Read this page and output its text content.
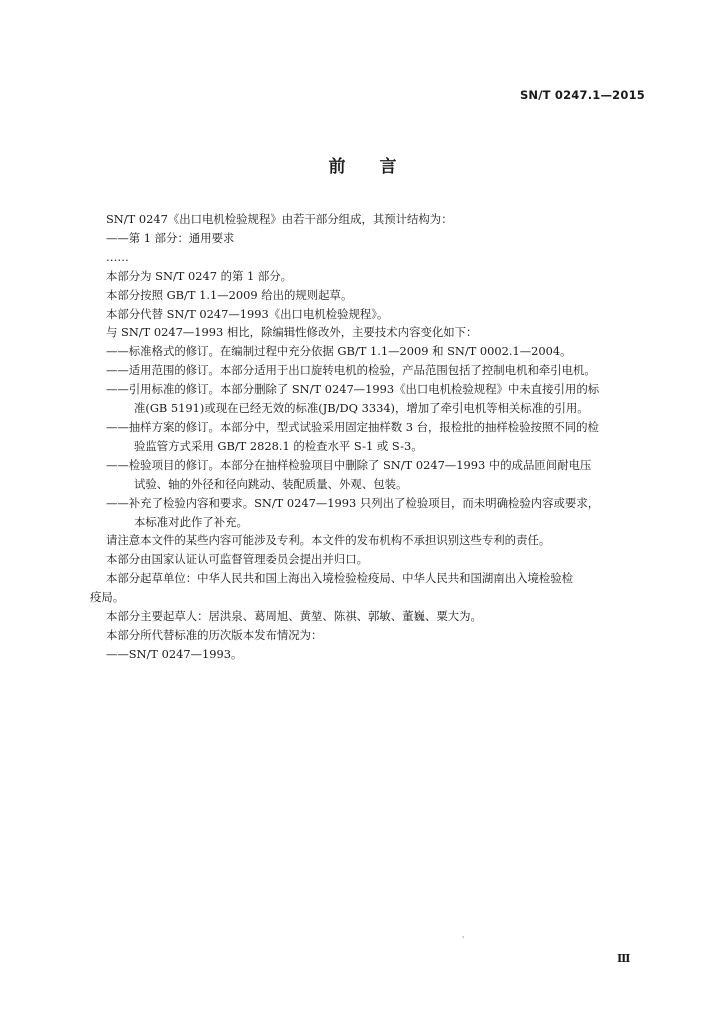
SN/T 0247.1—2015
前言
SN/T 0247《出口电机检验规程》由若干部分组成，其预计结构为：
——第 1 部分：通用要求
……
本部分为 SN/T 0247 的第 1 部分。
本部分按照 GB/T 1.1—2009 给出的规则起草。
本部分代替 SN/T 0247—1993《出口电机检验规程》。
与 SN/T 0247—1993 相比，除编辑性修改外，主要技术内容变化如下：
——标准格式的修订。在编制过程中充分依据 GB/T 1.1—2009 和 SN/T 0002.1—2004。
——适用范围的修订。本部分适用于出口旋转电机的检验，产品范围包括了控制电机和牵引电机。
——引用标准的修订。本部分删除了 SN/T 0247—1993《出口电机检验规程》中未直接引用的标
准(GB 5191)或现在已经无效的标准(JB/DQ 3334)，增加了牵引电机等相关标准的引用。
——抽样方案的修订。本部分中，型式试验采用固定抽样数 3 台，报检批的抽样检验按照不同的检
验监管方式采用 GB/T 2828.1 的检查水平 S-1 或 S-3。
——检验项目的修订。本部分在抽样检验项目中删除了 SN/T 0247—1993 中的成品匝间耐电压
试验、轴的外径和径向跳动、装配质量、外观、包装。
——补充了检验内容和要求。SN/T 0247—1993 只列出了检验项目，而未明确检验内容或要求，
本标准对此作了补充。
请注意本文件的某些内容可能涉及专利。本文件的发布机构不承担识别这些专利的责任。
本部分由国家认证认可监督管理委员会提出并归口。
本部分起草单位：中华人民共和国上海出入境检验检疫局、中华人民共和国湖南出入境检验检
疫局。
本部分主要起草人：居洪泉、葛周旭、黄堃、陈祺、郭敏、董巍、粟大为。
本部分所代替标准的历次版本发布情况为：
——SN/T 0247—1993。
'
Ⅲ
